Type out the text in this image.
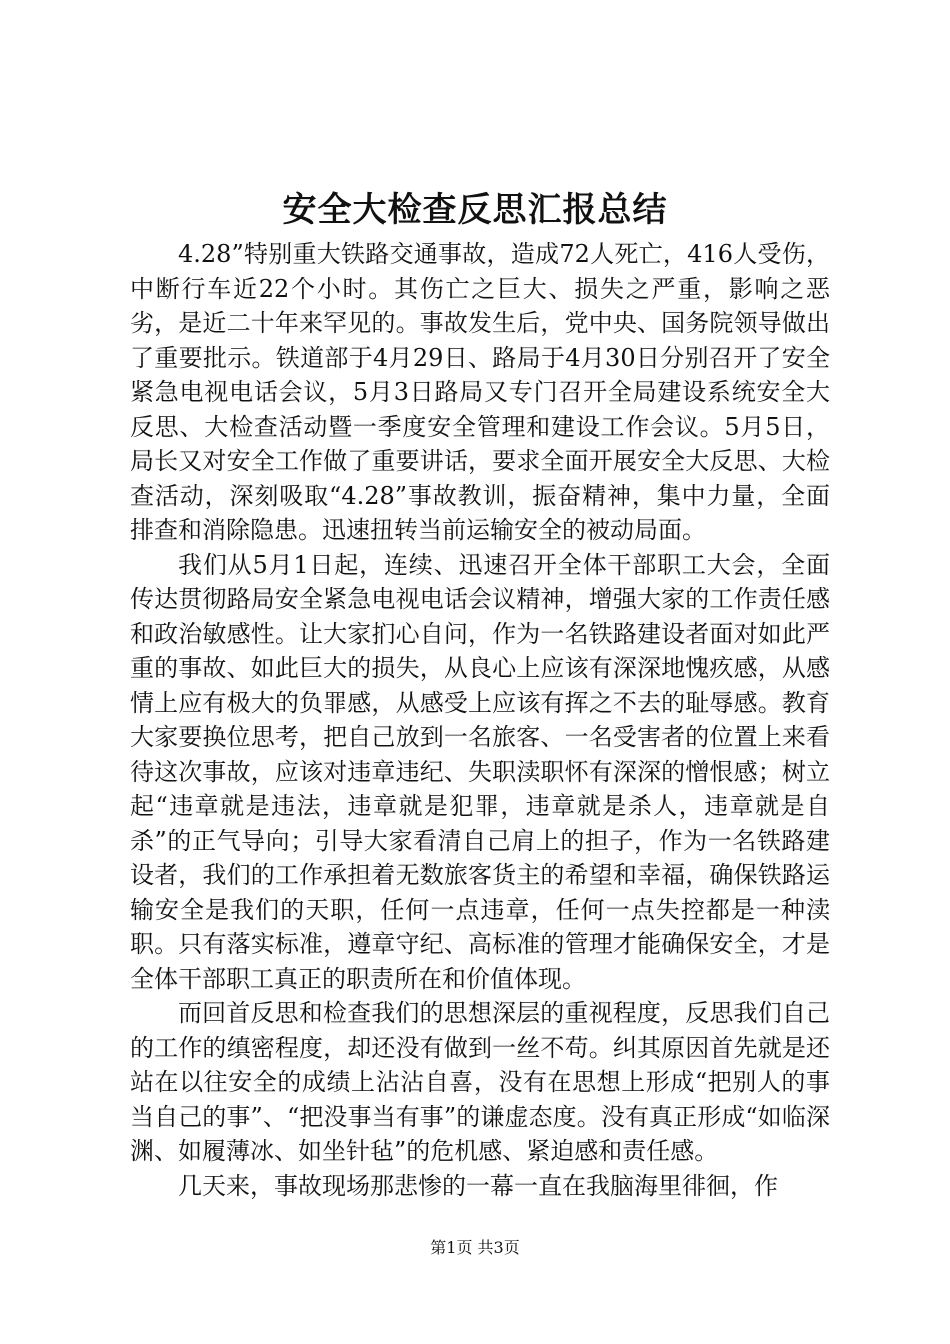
安全大检查反思汇报总结

4.28”特别重大铁路交通事故，造成72人死亡，416人受伤，中断行车近22个小时。其伤亡之巨大、损失之严重，影响之恶劣，是近二十年来罕见的。事故发生后，党中央、国务院领导做出了重要批示。铁道部于4月29日、路局于4月30日分别召开了安全紧急电视电话会议，5月3日路局又专门召开全局建设系统安全大反思、大检查活动暨一季度安全管理和建设工作会议。5月5日，局长又对安全工作做了重要讲话，要求全面开展安全大反思、大检查活动，深刻吸取“4.28”事故教训，振奋精神，集中力量，全面排查和消除隐患。迅速扭转当前运输安全的被动局面。

我们从5月1日起，连续、迅速召开全体干部职工大会，全面传达贯彻路局安全紧急电视电话会议精神，增强大家的工作责任感和政治敏感性。让大家扪心自问，作为一名铁路建设者面对如此严重的事故、如此巨大的损失，从良心上应该有深深地愧疚感，从感情上应有极大的负罪感，从感受上应该有挥之不去的耻辱感。教育大家要换位思考，把自己放到一名旅客、一名受害者的位置上来看待这次事故，应该对违章违纪、失职渎职怀有深深的憎恨感；树立起“违章就是违法，违章就是犯罪，违章就是杀人，违章就是自杀”的正气导向；引导大家看清自己肩上的担子，作为一名铁路建设者，我们的工作承担着无数旅客货主的希望和幸福，确保铁路运输安全是我们的天职，任何一点违章，任何一点失控都是一种渎职。只有落实标准，遵章守纪、高标准的管理才能确保安全，才是全体干部职工真正的职责所在和价值体现。

而回首反思和检查我们的思想深层的重视程度，反思我们自己的工作的缜密程度，却还没有做到一丝不苟。纠其原因首先就是还站在以往安全的成绩上沾沾自喜，没有在思想上形成“把别人的事当自己的事”、“把没事当有事”的谦虚态度。没有真正形成“如临深渊、如履薄冰、如坐针毡”的危机感、紧迫感和责任感。

几天来，事故现场那悲惨的一幕一直在我脑海里徘徊，作

第1页 共3页
